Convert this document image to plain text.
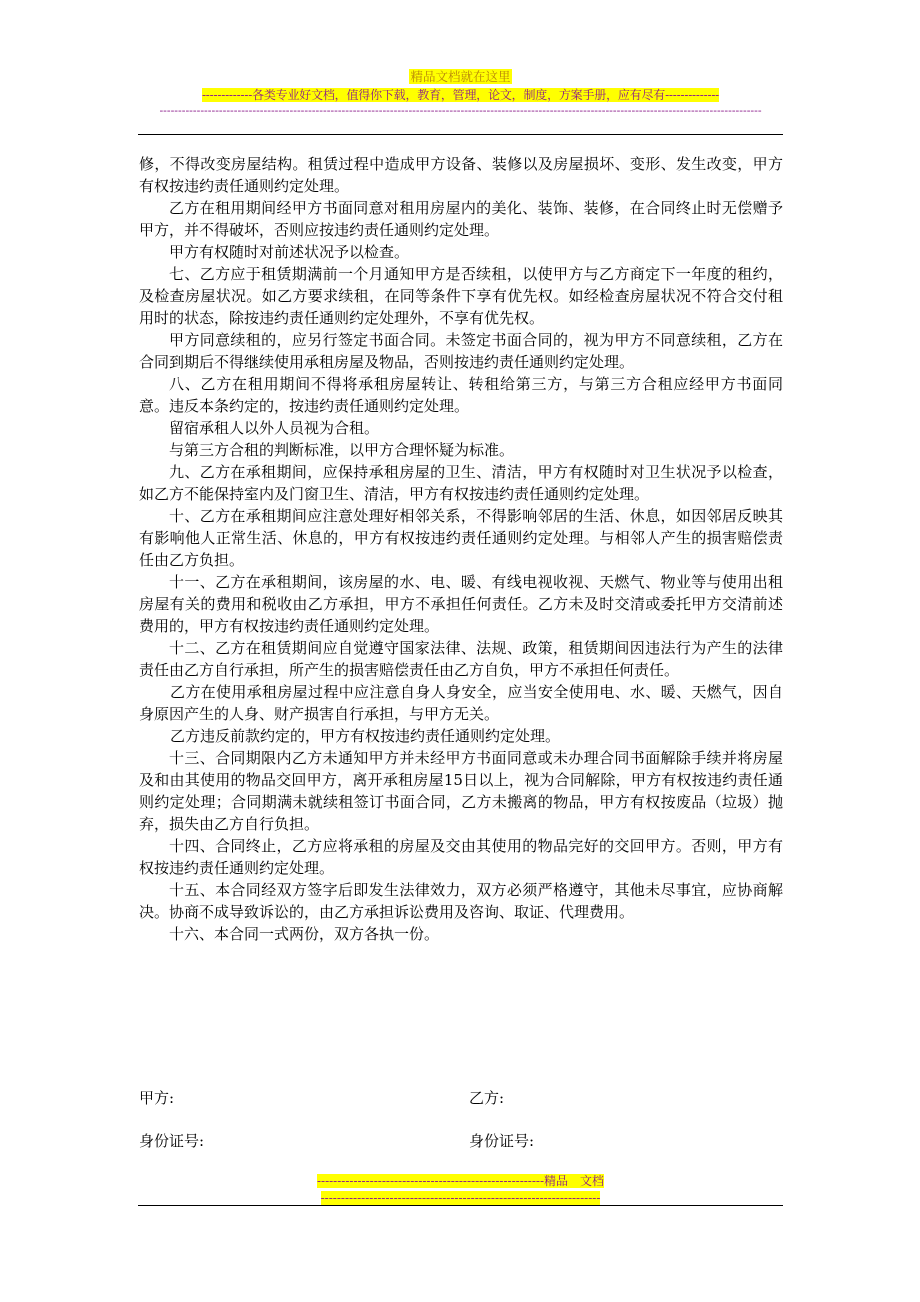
精品文档就在这里
-------------各类专业好文档，值得你下载，教育，管理，论文，制度，方案手册，应有尽有--------------
------------------------------------------------------------------------------------------------------------------------------------------------------------------

修，不得改变房屋结构。租赁过程中造成甲方设备、装修以及房屋损坏、变形、发生改变，甲方有权按违约责任通则约定处理。

乙方在租用期间经甲方书面同意对租用房屋内的美化、装饰、装修，在合同终止时无偿赠予甲方，并不得破坏，否则应按违约责任通则约定处理。

甲方有权随时对前述状况予以检查。

七、乙方应于租赁期满前一个月通知甲方是否续租，以使甲方与乙方商定下一年度的租约，及检查房屋状况。如乙方要求续租，在同等条件下享有优先权。如经检查房屋状况不符合交付租用时的状态，除按违约责任通则约定处理外，不享有优先权。

甲方同意续租的，应另行签定书面合同。未签定书面合同的，视为甲方不同意续租，乙方在合同到期后不得继续使用承租房屋及物品，否则按违约责任通则约定处理。

八、乙方在租用期间不得将承租房屋转让、转租给第三方，与第三方合租应经甲方书面同意。违反本条约定的，按违约责任通则约定处理。

留宿承租人以外人员视为合租。

与第三方合租的判断标准，以甲方合理怀疑为标准。

九、乙方在承租期间，应保持承租房屋的卫生、清洁，甲方有权随时对卫生状况予以检查，如乙方不能保持室内及门窗卫生、清洁，甲方有权按违约责任通则约定处理。

十、乙方在承租期间应注意处理好相邻关系，不得影响邻居的生活、休息，如因邻居反映其有影响他人正常生活、休息的，甲方有权按违约责任通则约定处理。与相邻人产生的损害赔偿责任由乙方负担。

十一、乙方在承租期间，该房屋的水、电、暖、有线电视收视、天燃气、物业等与使用出租房屋有关的费用和税收由乙方承担，甲方不承担任何责任。乙方未及时交清或委托甲方交清前述费用的，甲方有权按违约责任通则约定处理。

十二、乙方在租赁期间应自觉遵守国家法律、法规、政策，租赁期间因违法行为产生的法律责任由乙方自行承担，所产生的损害赔偿责任由乙方自负，甲方不承担任何责任。

乙方在使用承租房屋过程中应注意自身人身安全，应当安全使用电、水、暖、天燃气，因自身原因产生的人身、财产损害自行承担，与甲方无关。

乙方违反前款约定的，甲方有权按违约责任通则约定处理。

十三、合同期限内乙方未通知甲方并未经甲方书面同意或未办理合同书面解除手续并将房屋及和由其使用的物品交回甲方，离开承租房屋15日以上，视为合同解除，甲方有权按违约责任通则约定处理；合同期满未就续租签订书面合同，乙方未搬离的物品，甲方有权按废品（垃圾）抛弃，损失由乙方自行负担。

十四、合同终止，乙方应将承租的房屋及交由其使用的物品完好的交回甲方。否则，甲方有权按违约责任通则约定处理。

十五、本合同经双方签字后即发生法律效力，双方必须严格遵守，其他未尽事宜，应协商解决。协商不成导致诉讼的，由乙方承担诉讼费用及咨询、取证、代理费用。

十六、本合同一式两份，双方各执一份。

甲方:	乙方:
身份证号:	身份证号:
--------------------------------------------------------精品　文档
---------------------------------------------------------------------
